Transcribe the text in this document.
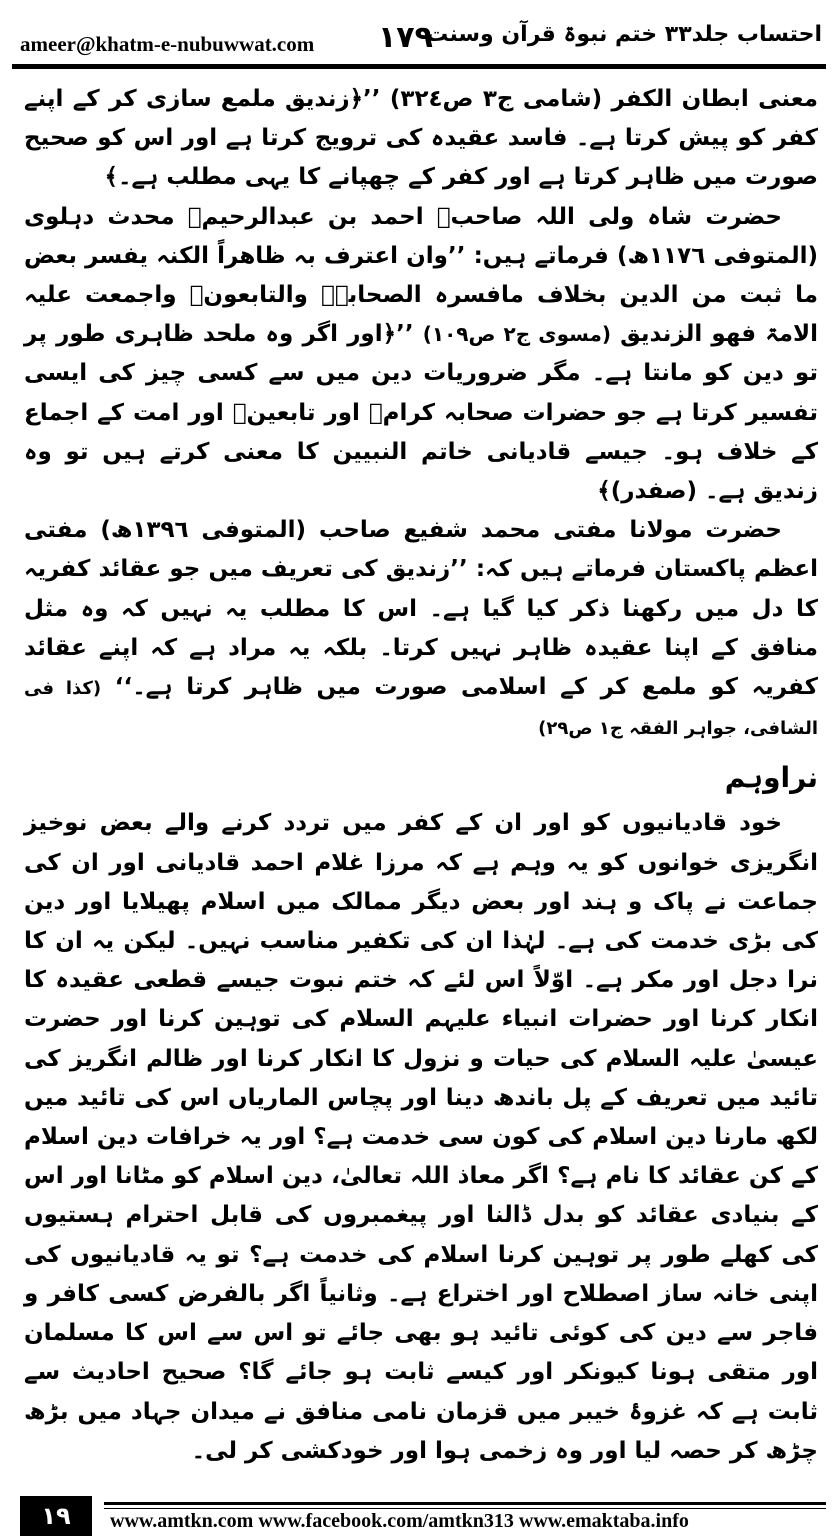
ameer@khatm-e-nubuwwat.com ۱۷۹
احتساب جلد۳۳ ختم نبوۃ قرآن وسنت

معنی ابطان الکفر (شامی ج۳ ص۳۲٤) ’’﴿زندیق ملمع سازی کر کے اپنے کفر کو پیش کرتا ہے۔ فاسد عقیدہ کی ترویج کرتا ہے اور اس کو صحیح صورت میں ظاہر کرتا ہے اور کفر کے چھپانے کا یہی مطلب ہے۔﴾

حضرت شاہ ولی اللہ صاحبؒ احمد بن عبدالرحیمؒ محدث دہلوی (المتوفی ۱۱۷٦ھ) فرماتے ہیں: ’’وان اعترف بہ ظاھراً الکنہ یفسر بعض ما ثبت من الدین بخلاف مافسرہ الصحابۃؓ والتابعونؒ واجمعت علیہ الامۃ فھو الزندیق (مسوی ج۲ ص۱۰۹) ’’﴿اور اگر وہ ملحد ظاہری طور پر تو دین کو مانتا ہے۔ مگر ضروریات دین میں سے کسی چیز کی ایسی تفسیر کرتا ہے جو حضرات صحابہ کرامؓ اور تابعینؒ اور امت کے اجماع کے خلاف ہو۔ جیسے قادیانی خاتم النبیین کا معنی کرتے ہیں تو وہ زندیق ہے۔ (صفدر)﴾

حضرت مولانا مفتی محمد شفیع صاحب (المتوفی ۱۳۹٦ھ) مفتی اعظم پاکستان فرماتے ہیں کہ: ’’زندیق کی تعریف میں جو عقائد کفریہ کا دل میں رکھنا ذکر کیا گیا ہے۔ اس کا مطلب یہ نہیں کہ وہ مثل منافق کے اپنا عقیدہ ظاہر نہیں کرتا۔ بلکہ یہ مراد ہے کہ اپنے عقائد کفریہ کو ملمع کر کے اسلامی صورت میں ظاہر کرتا ہے۔‘‘ (کذا فی الشافی، جواہر الفقہ ج۱ ص۲۹)

نراوہم

خود قادیانیوں کو اور ان کے کفر میں تردد کرنے والے بعض نوخیز انگریزی خوانوں کو یہ وہم ہے کہ مرزا غلام احمد قادیانی اور ان کی جماعت نے پاک و ہند اور بعض دیگر ممالک میں اسلام پھیلایا اور دین کی بڑی خدمت کی ہے۔ لہٰذا ان کی تکفیر مناسب نہیں۔ لیکن یہ ان کا نرا دجل اور مکر ہے۔ اوّلاً اس لئے کہ ختم نبوت جیسے قطعی عقیدہ کا انکار کرنا اور حضرات انبیاء علیہم السلام کی توہین کرنا اور حضرت عیسیٰ علیہ السلام کی حیات و نزول کا انکار کرنا اور ظالم انگریز کی تائید میں تعریف کے پل باندھ دینا اور پچاس الماریاں اس کی تائید میں لکھ مارنا دین اسلام کی کون سی خدمت ہے؟ اور یہ خرافات دین اسلام کے کن عقائد کا نام ہے؟ اگر معاذ اللہ تعالیٰ، دین اسلام کو مٹانا اور اس کے بنیادی عقائد کو بدل ڈالنا اور پیغمبروں کی قابل احترام ہستیوں کی کھلے طور پر توہین کرنا اسلام کی خدمت ہے؟ تو یہ قادیانیوں کی اپنی خانہ ساز اصطلاح اور اختراع ہے۔ وثانیاً اگر بالفرض کسی کافر و فاجر سے دین کی کوئی تائید ہو بھی جائے تو اس سے اس کا مسلمان اور متقی ہونا کیونکر اور کیسے ثابت ہو جائے گا؟ صحیح احادیث سے ثابت ہے کہ غزوۂ خیبر میں قزمان نامی منافق نے میدان جہاد میں بڑھ چڑھ کر حصہ لیا اور وہ زخمی ہوا اور خودکشی کر لی۔

۱۹	www.amtkn.com www.facebook.com/amtkn313 www.emaktaba.info
